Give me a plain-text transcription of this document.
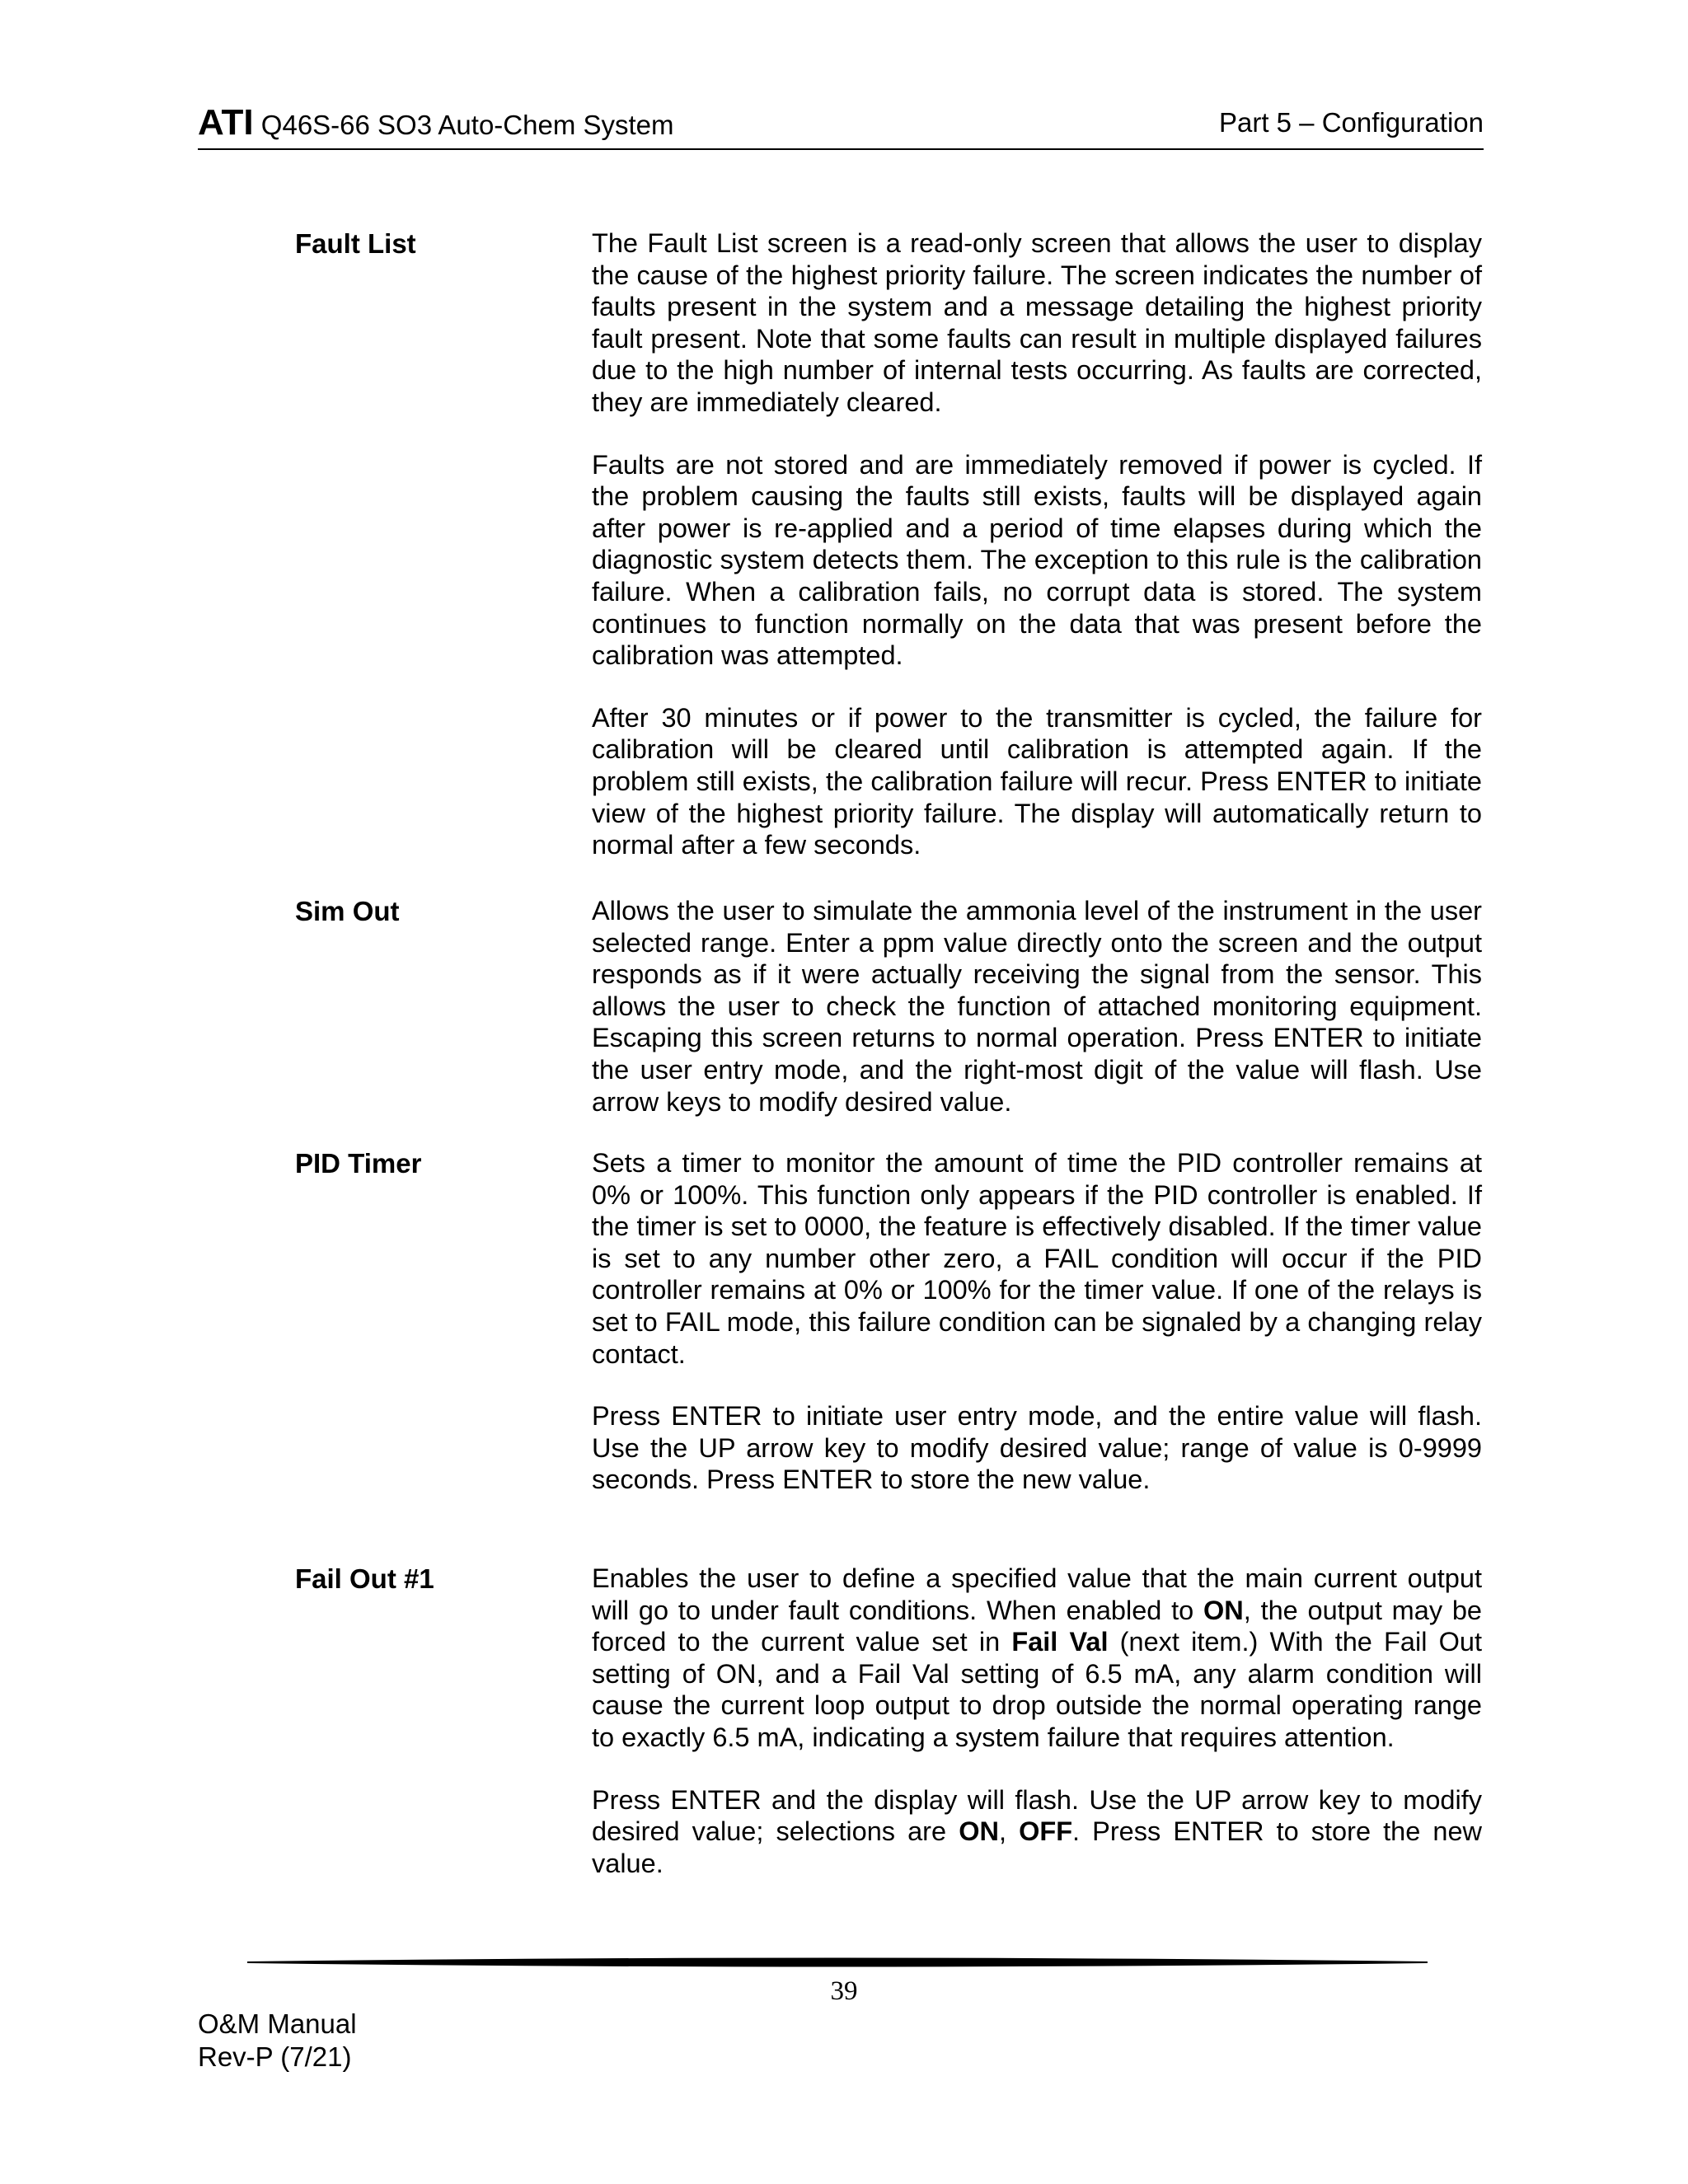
ATI Q46S-66 SO3 Auto-Chem System	Part 5 – Configuration
Fault List	The Fault List screen is a read-only screen that allows the user to display the cause of the highest priority failure. The screen indicates the number of faults present in the system and a message detailing the highest priority fault present. Note that some faults can result in multiple displayed failures due to the high number of internal tests occurring. As faults are corrected, they are immediately cleared.

Faults are not stored and are immediately removed if power is cycled. If the problem causing the faults still exists, faults will be displayed again after power is re-applied and a period of time elapses during which the diagnostic system detects them. The exception to this rule is the calibration failure. When a calibration fails, no corrupt data is stored. The system continues to function normally on the data that was present before the calibration was attempted.

After 30 minutes or if power to the transmitter is cycled, the failure for calibration will be cleared until calibration is attempted again. If the problem still exists, the calibration failure will recur. Press ENTER to initiate view of the highest priority failure. The display will automatically return to normal after a few seconds.

Sim Out	Allows the user to simulate the ammonia level of the instrument in the user selected range. Enter a ppm value directly onto the screen and the output responds as if it were actually receiving the signal from the sensor. This allows the user to check the function of attached monitoring equipment. Escaping this screen returns to normal operation. Press ENTER to initiate the user entry mode, and the right-most digit of the value will flash. Use arrow keys to modify desired value.

PID Timer	Sets a timer to monitor the amount of time the PID controller remains at 0% or 100%. This function only appears if the PID controller is enabled. If the timer is set to 0000, the feature is effectively disabled. If the timer value is set to any number other zero, a FAIL condition will occur if the PID controller remains at 0% or 100% for the timer value. If one of the relays is set to FAIL mode, this failure condition can be signaled by a changing relay contact.

Press ENTER to initiate user entry mode, and the entire value will flash. Use the UP arrow key to modify desired value; range of value is 0-9999 seconds. Press ENTER to store the new value.

Fail Out #1	Enables the user to define a specified value that the main current output will go to under fault conditions. When enabled to ON, the output may be forced to the current value set in Fail Val (next item.) With the Fail Out setting of ON, and a Fail Val setting of 6.5 mA, any alarm condition will cause the current loop output to drop outside the normal operating range to exactly 6.5 mA, indicating a system failure that requires attention.

Press ENTER and the display will flash. Use the UP arrow key to modify desired value; selections are ON, OFF. Press ENTER to store the new value.

39
O&M Manual
Rev-P (7/21)
